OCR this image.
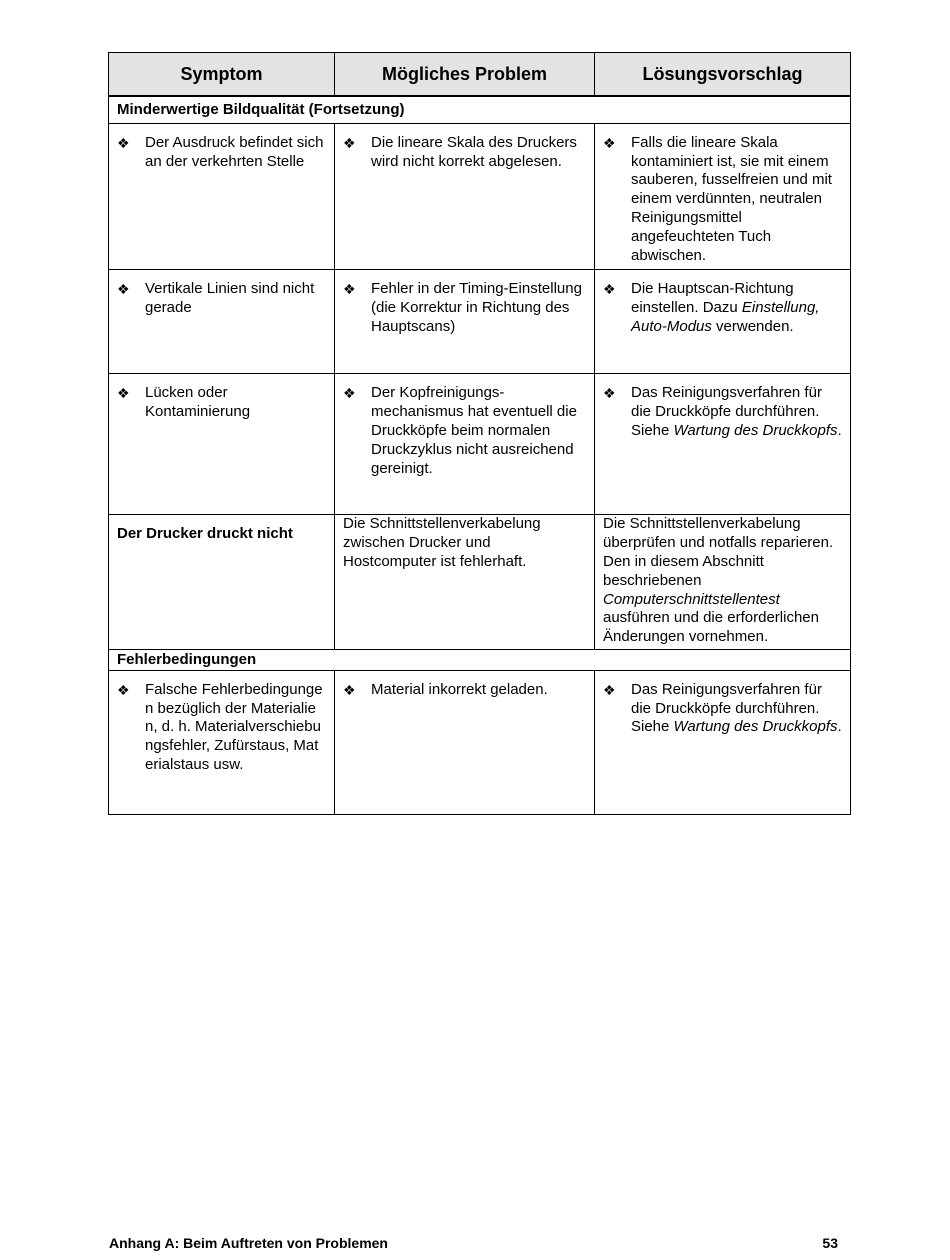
Symptom	Mögliches Problem	Lösungsvorschlag
Minderwertige Bildqualität (Fortsetzung)		

❖ Der Ausdruck befindet sich an der verkehrten Stelle	❖ Die lineare Skala des Druckers wird nicht korrekt abgelesen.	❖ Falls die lineare Skala kontaminiert ist, sie mit einem sauberen, fusselfreien und mit einem verdünnten, neutralen Reinigungsmittel angefeuchteten Tuch abwischen.

❖ Vertikale Linien sind nicht gerade	❖ Fehler in der Timing-Einstellung (die Korrektur in Richtung des Hauptscans)	❖ Die Hauptscan-Richtung einstellen. Dazu Einstellung, Auto-Modus verwenden.

❖ Lücken oder Kontaminierung	❖ Der Kopfreinigungs-mechanismus hat eventuell die Druckköpfe beim normalen Druckzyklus nicht ausreichend gereinigt.	❖ Das Reinigungsverfahren für die Druckköpfe durchführen. Siehe Wartung des Druckkopfs.

Der Drucker druckt nicht	Die Schnittstellenverkabelung zwischen Drucker und Hostcomputer ist fehlerhaft.	Die Schnittstellenverkabelung überprüfen und notfalls reparieren. Den in diesem Abschnitt beschriebenen Computerschnittstellentest ausführen und die erforderlichen Änderungen vornehmen.

Fehlerbedingungen		

❖ Falsche Fehlerbedingungen bezüglich der Materialien, d. h. Materialverschiebungsfehler, Zufürstaus, Materialstaus usw.	❖ Material inkorrekt geladen.	❖ Das Reinigungsverfahren für die Druckköpfe durchführen. Siehe Wartung des Druckkopfs.
Anhang A: Beim Auftreten von Problemen	53
